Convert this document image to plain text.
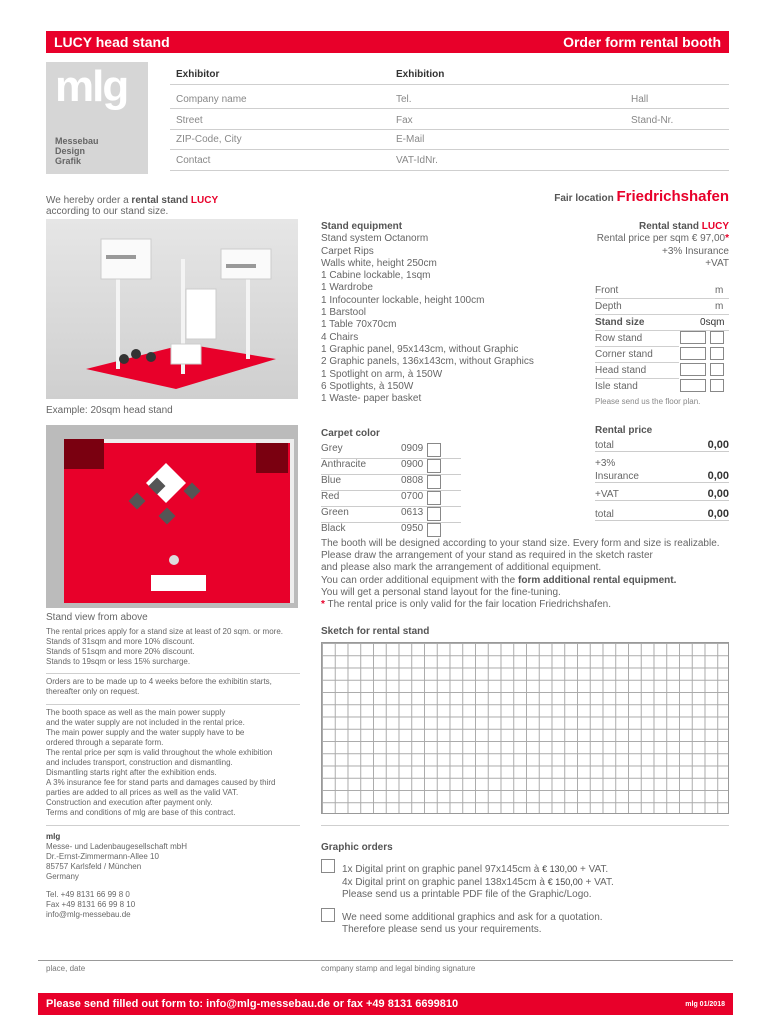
LUCY head stand	Order form rental booth
mlg
Messebau
Design
Grafik
Exhibitor	Exhibition
Company name	Tel.	Hall
Street	Fax	Stand-Nr.
ZIP-Code, City	E-Mail
Contact	VAT-IdNr.
We hereby order a rental stand LUCY
according to our stand size.
Fair location Friedrichshafen
Example: 20sqm head stand
Stand view from above
Stand equipment
Stand system Octanorm
Carpet Rips
Walls white, height 250cm
1 Cabine lockable, 1sqm
1 Wardrobe
1 Infocounter lockable, height 100cm
1 Barstool
1 Table 70x70cm
4 Chairs
1 Graphic panel, 95x143cm, without Graphic
2 Graphic panels, 136x143cm, without Graphics
1 Spotlight on arm, à 150W
6 Spotlights, à 150W
1 Waste- paper basket
Rental stand LUCY
Rental price per sqm € 97,00*
+3% Insurance
+VAT
Front	m
Depth	m
Stand size	0sqm
Row stand
Corner stand
Head stand
Isle stand
Please send us the floor plan.
Carpet color
Grey	0909
Anthracite	0900
Blue	0808
Red	0700
Green	0613
Black	0950
Rental price
total	0,00
+3%
Insurance	0,00
+VAT	0,00
total	0,00
The booth will be designed according to your stand size. Every form and size is realizable.
Please draw the arrangement of your stand as required in the sketch raster
and please also mark the arrangement of additional equipment.
You can order additional equipment with the form additional rental equipment.
You will get a personal stand layout for the fine-tuning.
* The rental price is only valid for the fair location Friedrichshafen.
Sketch for rental stand
The rental prices apply for a stand size at least of 20 sqm. or more.
Stands of 31sqm and more 10% discount.
Stands of 51sqm and more 20% discount.
Stands to 19sqm or less 15% surcharge.
Orders are to be made up to 4 weeks before the exhibitin starts,
thereafter only on request.
The booth space as well as the main power supply
and the water supply are not included in the rental price.
The main power supply and the water supply have to be
ordered through a separate form.
The rental price per sqm is valid throughout the whole exhibition
and includes transport, construction and dismantling.
Dismantling starts right after the exhibition ends.
A 3% insurance fee for stand parts and damages caused by third
parties are added to all prices as well as the valid VAT.
Construction and execution after payment only.
Terms and conditions of mlg are base of this contract.
mlg
Messe- und Ladenbaugesellschaft mbH
Dr.-Ernst-Zimmermann-Allee 10
85757 Karlsfeld / München
Germany
Tel. +49 8131 66 99 8 0
Fax +49 8131 66 99 8 10
info@mlg-messebau.de
Graphic orders
1x Digital print on graphic panel 97x145cm à € 130,00 + VAT.
4x Digital print on graphic panel 138x145cm à € 150,00 + VAT.
Please send us a printable PDF file of the Graphic/Logo.
We need some additional graphics and ask for a quotation.
Therefore please send us your requirements.
place, date	company stamp and legal binding signature
Please send filled out form to: info@mlg-messebau.de or fax +49 8131 6699810	mlg 01/2018
